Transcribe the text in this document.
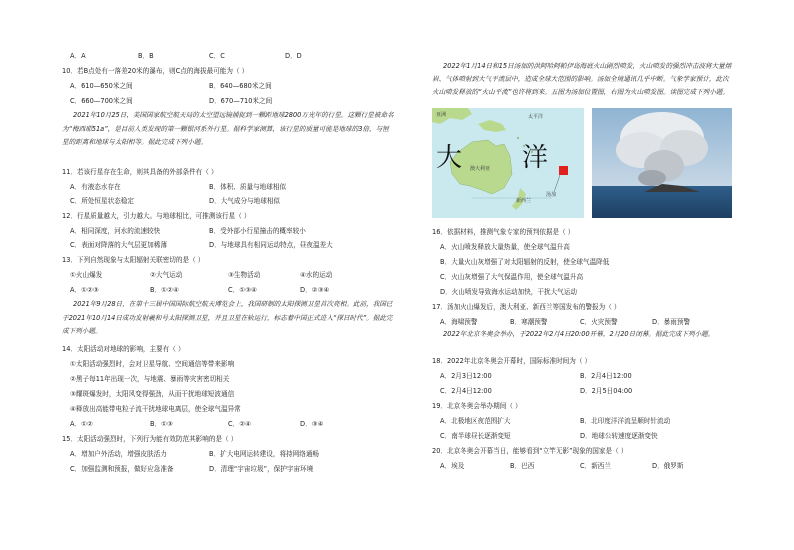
A．A	B．B	C．C	D．D
10．若B点处有一落差20米的瀑布，则C点的海拔最可能为（ ）
A．610—650米之间	B．640—680米之间
C．660—700米之间	D．670—710米之间
2021年10月25日，美国国家航空航天局的太空望远镜捕捉到一颗距地球2800万光年的行星。这颗行星被命名为“梅西耶51a”，是目前人类发现的第一颗银河系外行星。据科学家测算，该行星的质量可能是地球的3倍，与恒星的距离和地球与太阳相等。据此完成下列小题。
11．若该行星存在生命，则其具备的外部条件有（ ）
A．有液态水存在	B．体积、质量与地球相似
C．所处恒星状态稳定	D．大气成分与地球相似
12．行星质量越大，引力越大。与地球相比，可推测该行星（ ）
A．相同深度，河水的流速较快	B．受外部小行星撞击的概率较小
C．表面对降落的大气层更加稀薄	D．与地球具有相同运动特点，昼夜温差大
13．下列自然现象与太阳辐射关联密切的是（ ）
①火山爆发	②大气运动	③生物活动	④水的运动
A．①②③	B．①②④	C．①③④	D．②③④
2021年9月28日，在第十三届中国国际航空航天博览会上，我国研制的太阳探测卫星首次亮相。此前，我国已于2021年10月14日成功发射羲和号太阳探测卫星，并且卫星在轨运行，标志着中国正式进入“探日时代”。据此完成下列小题。
14．太阳活动对地球的影响，主要有（ ）
①太阳活动强烈时，会对卫星导航、空间通信等带来影响
②黑子每11年出现一次，与地震、暴雨等灾害密切相关
③耀斑爆发时，太阳风变得强劲，从而干扰地球短波通信
④释放出高能带电粒子流干扰地球电离层，使全球气温异常
A．①②	B．①③	C．②④	D．③④
15．太阳活动强烈时，下列行为能有效防范其影响的是（ ）
A．增加户外活动，增强皮肤活力	B．扩大电网运转建设，将持网络通畅
C．加强监测和预报，做好应急准备	D．清理“宇宙垃圾”，保护宇宙环境
2022年1月14日和15日汤加的洪阿哈阿帕伊岛海底火山剧烈喷发，火山喷发的强烈冲击波将大量熔岩、气体喷射到大气平流层中，造成全球大范围的影响。汤加全境通讯几乎中断。气象学家预计，此次火山喷发释放的“火山平流”也许将到来。五图为汤加位置图，右图为火山喷发图。读图完成下列小题。
亚洲	太平洋
大 洋
澳大利亚
新西兰
汤加
16．依据材料，推测气象专家的预判依据是（ ）
A．火山喷发释放大量热量，使全球气温升高
B．大量火山灰增强了对太阳辐射的反射，使全球气温降低
C．火山灰增强了大气保温作用，使全球气温升高
D．火山喷发导致海水运动加快，干扰大气运动
17．汤加火山爆发后，澳大利亚、新西兰等国发布的警报为（ ）
A．海啸预警	B．寒潮预警	C．火灾预警	D．暴雨预警
2022年北京冬奥会举办，于2022年2月4日20:00开幕，2月20日闭幕。据此完成下列小题。
18．2022年北京冬奥会开幕时，国际标准时间为（ ）
A．2月3日12:00	B．2月4日12:00
C．2月4日12:00	D．2月5日04:00
19．北京冬奥会举办期间（ ）
A．北极地区夜范围扩大	B．北印度洋洋流呈顺时针流动
C．南半球昼长逐渐变短	D．地球公转速度逐渐变快
20．北京冬奥会开幕当日，能够看到“立竿无影”现象的国家是（ ）
A．埃及	B．巴西	C．新西兰	D．俄罗斯
